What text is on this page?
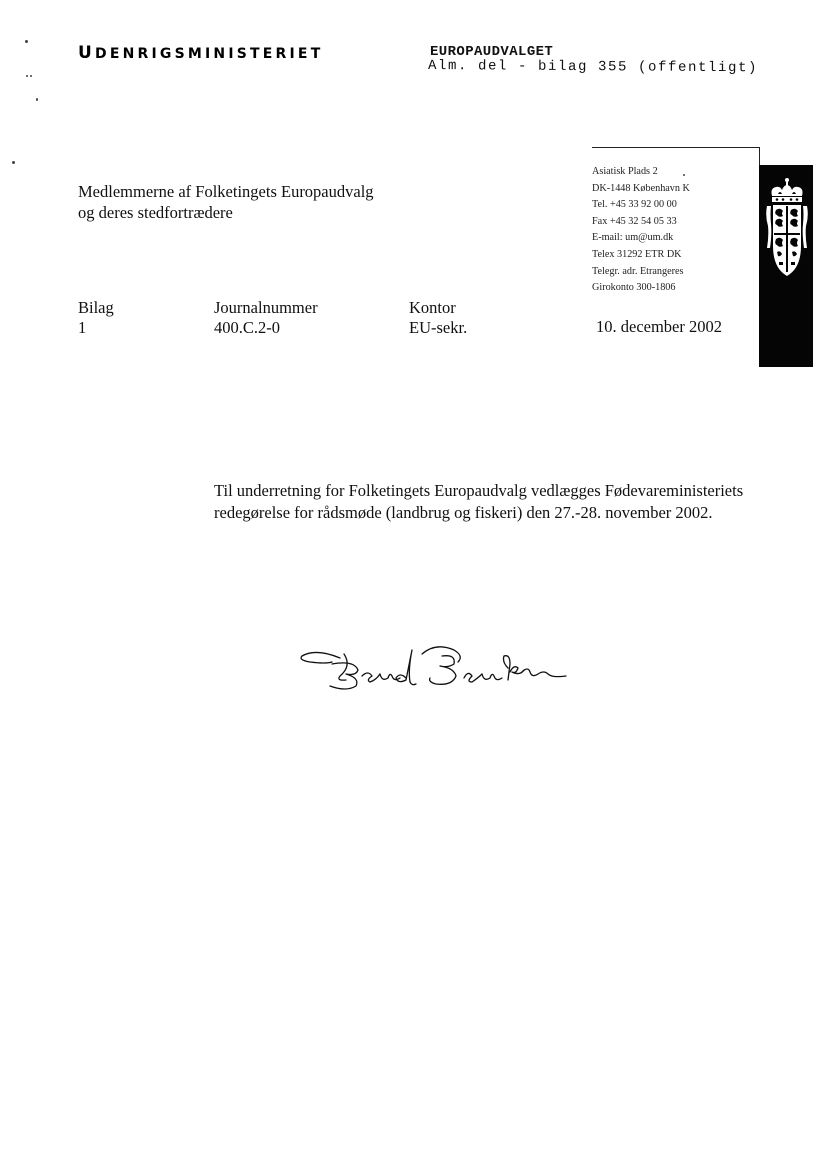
UDENRIGSMINISTERIET	EUROPAUDVALGET
Alm. del - bilag 355 (offentligt)
Medlemmerne af Folketingets Europaudvalg
og deres stedfortrædere
Asiatisk Plads 2
DK-1448 København K
Tel. +45 33 92 00 00
Fax +45 32 54 05 33
E-mail: um@um.dk
Telex 31292 ETR DK
Telegr. adr. Etrangeres
Girokonto 300-1806
Bilag
1
Journalnummer
400.C.2-0
Kontor
EU-sekr.	10. december 2002
Til underretning for Folketingets Europaudvalg vedlægges Fødevareministeriets redegørelse for rådsmøde (landbrug og fiskeri) den 27.-28. november 2002.
